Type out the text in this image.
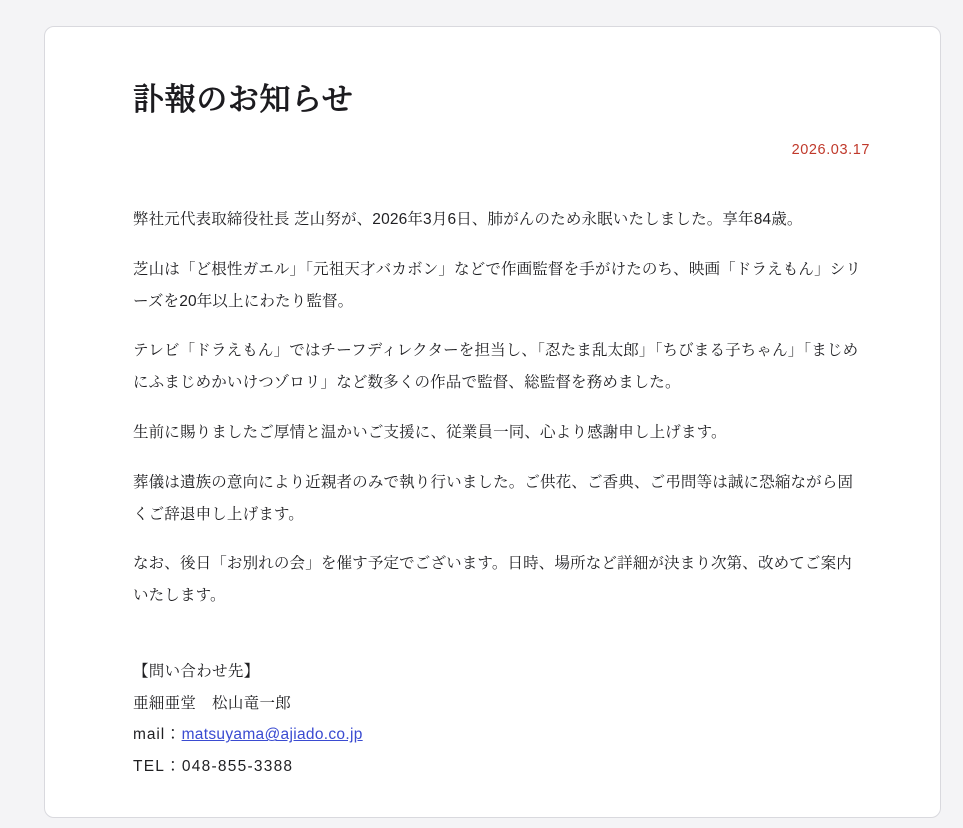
訃報のお知らせ
2026.03.17

弊社元代表取締役社長 芝山努が、2026年3月6日、肺がんのため永眠いたしました。享年84歳。

芝山は「ど根性ガエル」「元祖天才バカボン」などで作画監督を手がけたのち、映画「ドラえもん」シリーズを20年以上にわたり監督。

テレビ「ドラえもん」ではチーフディレクターを担当し、「忍たま乱太郎」「ちびまる子ちゃん」「まじめにふまじめかいけつゾロリ」など数多くの作品で監督、総監督を務めました。

生前に賜りましたご厚情と温かいご支援に、従業員一同、心より感謝申し上げます。

葬儀は遺族の意向により近親者のみで執り行いました。ご供花、ご香典、ご弔問等は誠に恐縮ながら固くご辞退申し上げます。

なお、後日「お別れの会」を催す予定でございます。日時、場所など詳細が決まり次第、改めてご案内いたします。

【問い合わせ先】
亜細亜堂　松山竜一郎
mail：matsuyama@ajiado.co.jp
TEL：048-855-3388
